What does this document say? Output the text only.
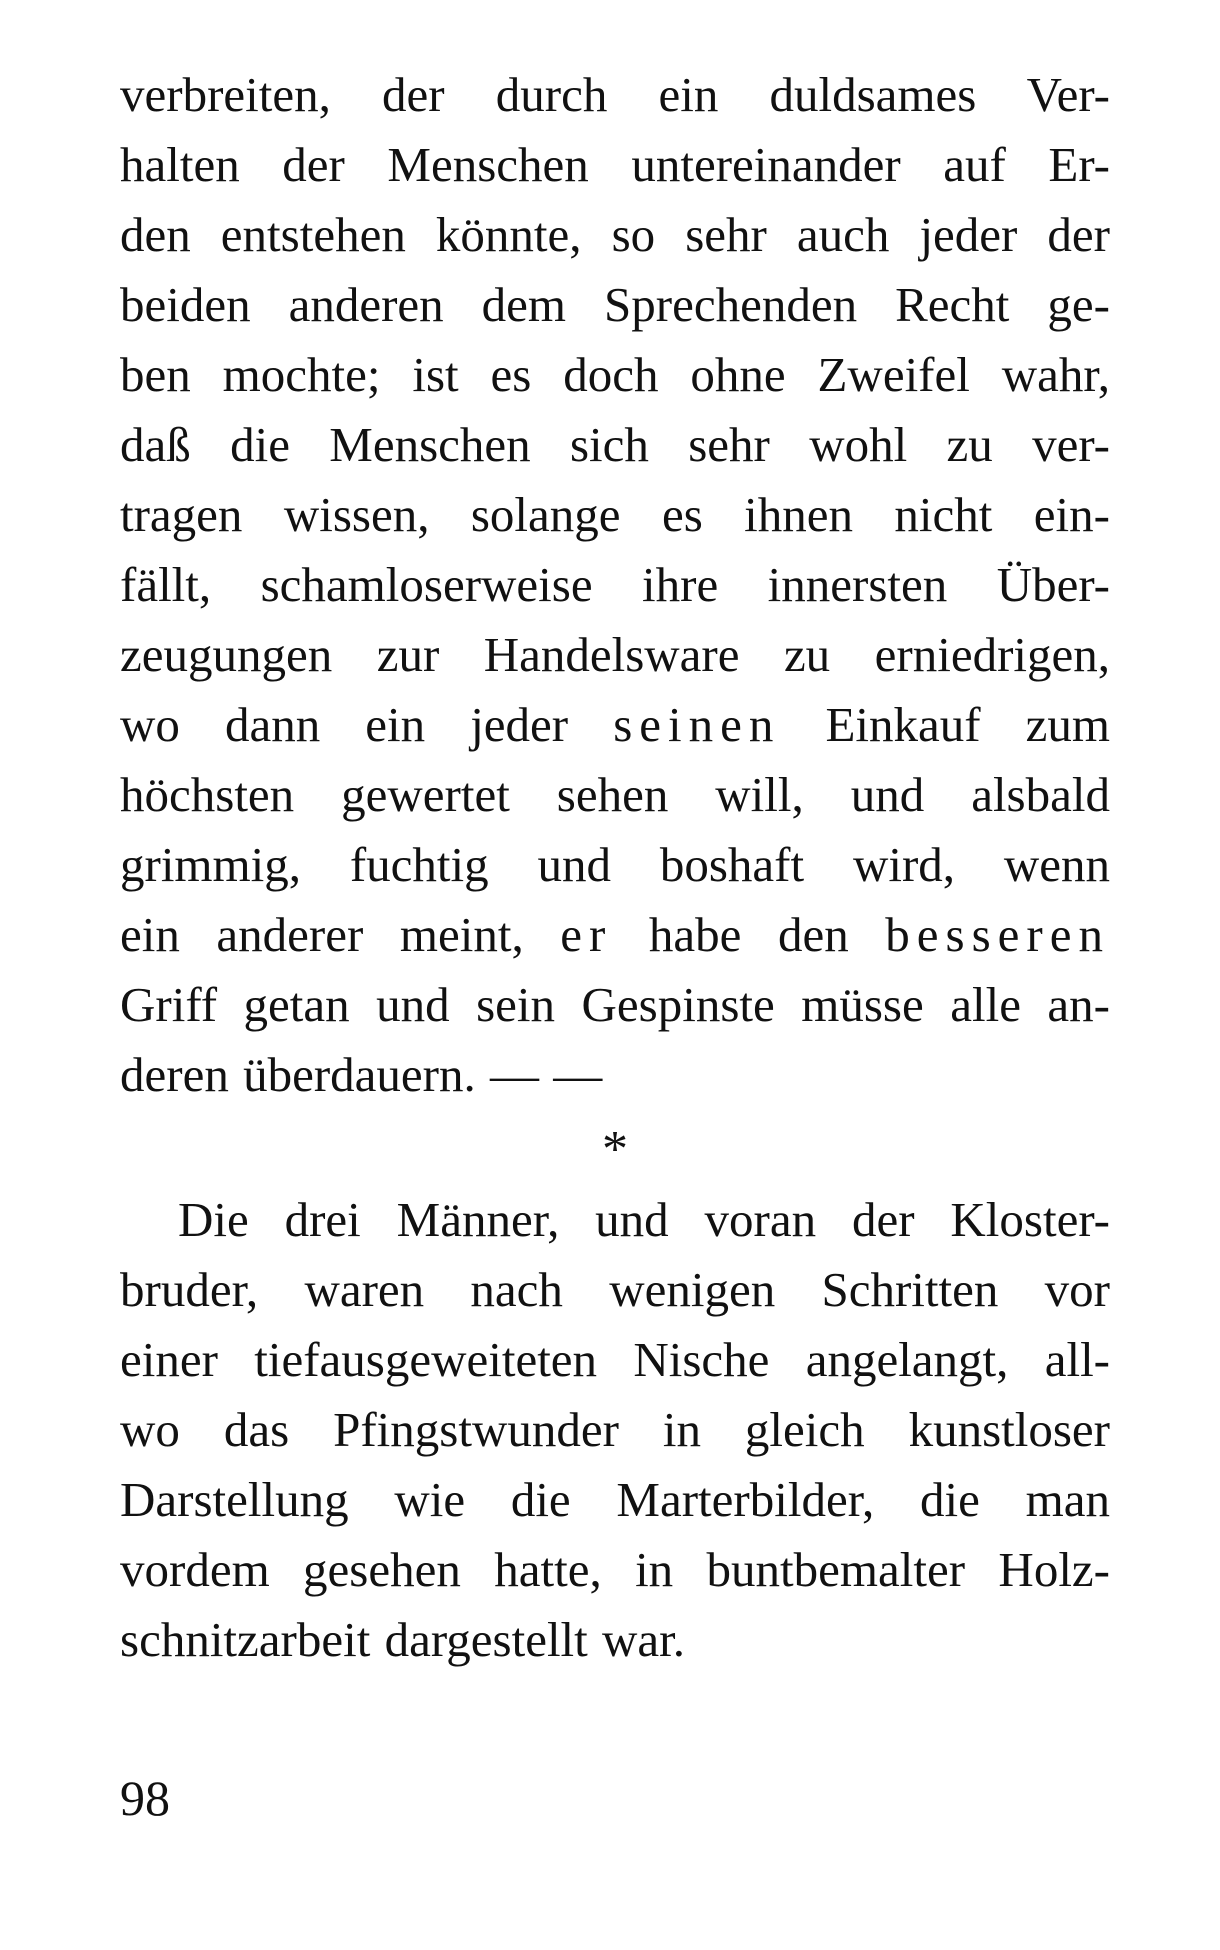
verbreiten, der durch ein duldsames Ver-
halten der Menschen untereinander auf Er-
den entstehen könnte, so sehr auch jeder der
beiden anderen dem Sprechenden Recht ge-
ben mochte; ist es doch ohne Zweifel wahr,
daß die Menschen sich sehr wohl zu ver-
tragen wissen, solange es ihnen nicht ein-
fällt, schamloserweise ihre innersten Über-
zeugungen zur Handelsware zu erniedrigen,
wo dann ein jeder seinen Einkauf zum
höchsten gewertet sehen will, und alsbald
grimmig, fuchtig und boshaft wird, wenn
ein anderer meint, er habe den besseren
Griff getan und sein Gespinste müsse alle an-
deren überdauern. — —
*
Die drei Männer, und voran der Kloster-
bruder, waren nach wenigen Schritten vor
einer tiefausgeweiteten Nische angelangt, all-
wo das Pfingstwunder in gleich kunstloser
Darstellung wie die Marterbilder, die man
vordem gesehen hatte, in buntbemalter Holz-
schnitzarbeit dargestellt war.
98
